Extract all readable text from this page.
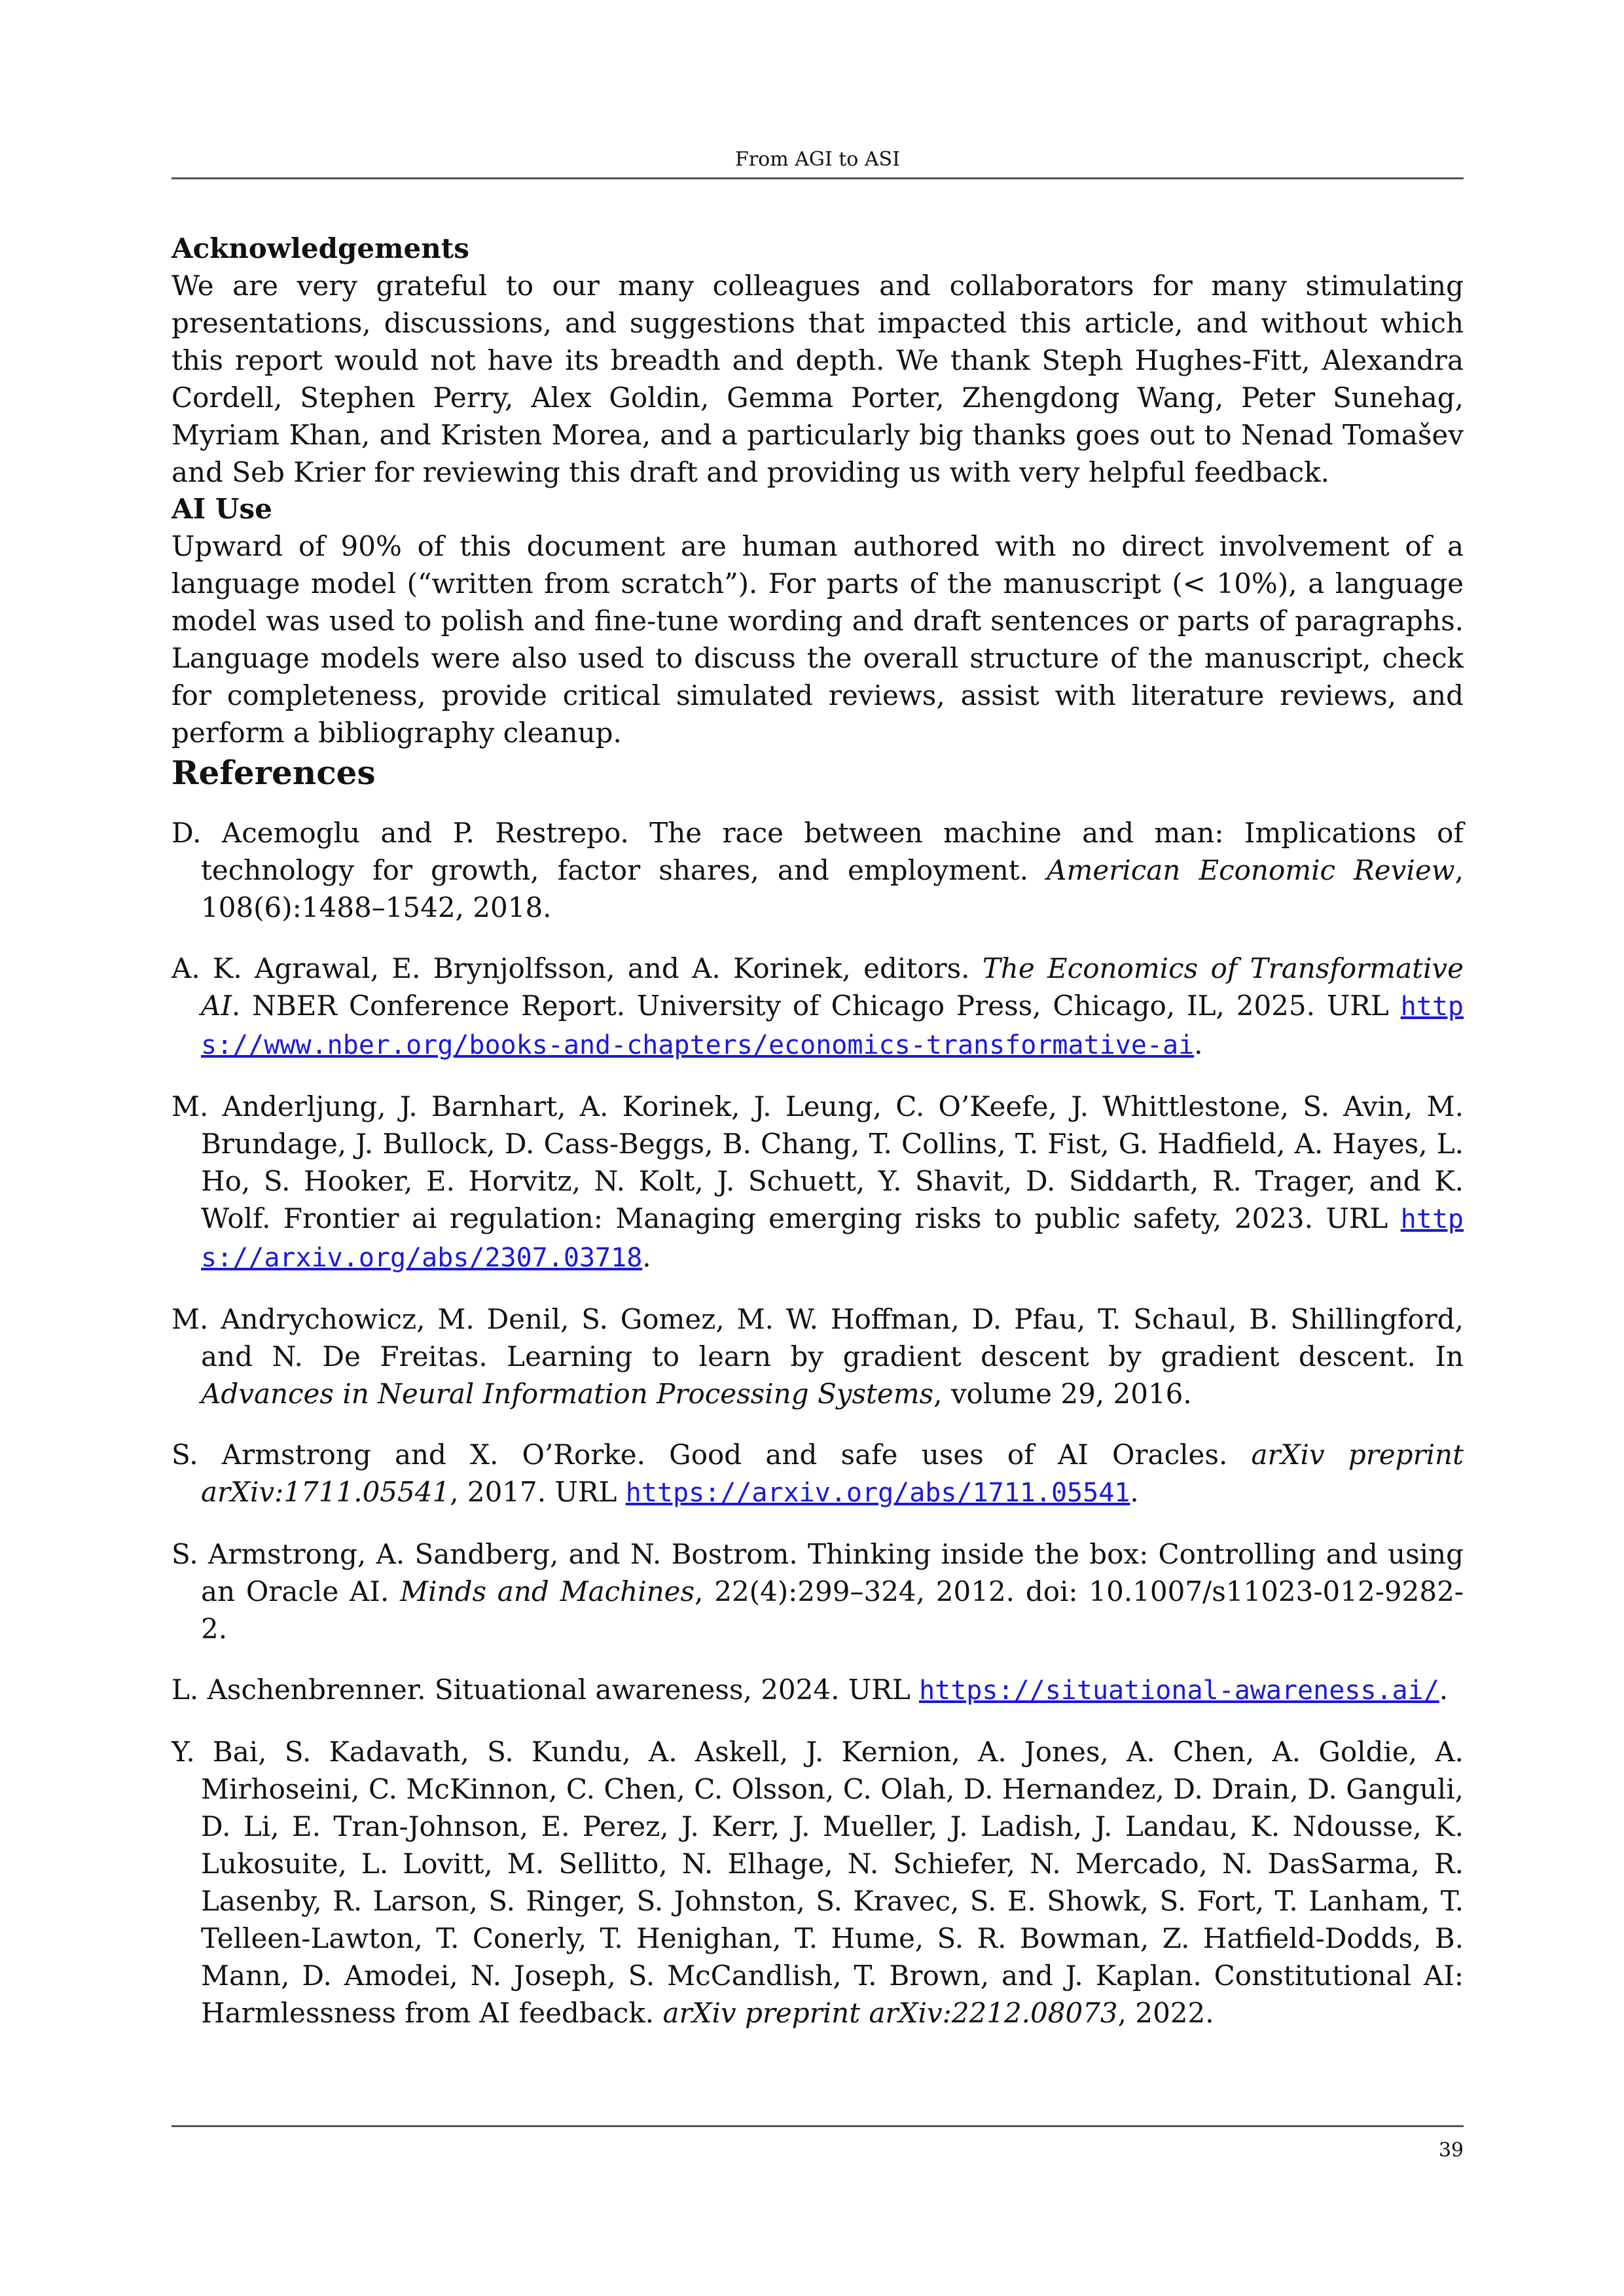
From AGI to ASI
Acknowledgements

We are very grateful to our many colleagues and collaborators for many stimulating presentations, discussions, and suggestions that impacted this article, and without which this report would not have its breadth and depth. We thank Steph Hughes-Fitt, Alexandra Cordell, Stephen Perry, Alex Goldin, Gemma Porter, Zhengdong Wang, Peter Sunehag, Myriam Khan, and Kristen Morea, and a particularly big thanks goes out to Nenad Tomašev and Seb Krier for reviewing this draft and providing us with very helpful feedback.

AI Use

Upward of 90% of this document are human authored with no direct involvement of a language model (“written from scratch”). For parts of the manuscript (< 10%), a language model was used to polish and fine-tune wording and draft sentences or parts of paragraphs. Language models were also used to discuss the overall structure of the manuscript, check for completeness, provide critical simulated reviews, assist with literature reviews, and perform a bibliography cleanup.

References

D. Acemoglu and P. Restrepo. The race between machine and man: Implications of technology for growth, factor shares, and employment. American Economic Review, 108(6):1488–1542, 2018.

A. K. Agrawal, E. Brynjolfsson, and A. Korinek, editors. The Economics of Transformative AI. NBER Conference Report. University of Chicago Press, Chicago, IL, 2025. URL https://www.nber.org/books-and-chapters/economics-transformative-ai.

M. Anderljung, J. Barnhart, A. Korinek, J. Leung, C. O’Keefe, J. Whittlestone, S. Avin, M. Brundage, J. Bullock, D. Cass-Beggs, B. Chang, T. Collins, T. Fist, G. Hadfield, A. Hayes, L. Ho, S. Hooker, E. Horvitz, N. Kolt, J. Schuett, Y. Shavit, D. Siddarth, R. Trager, and K. Wolf. Frontier ai regulation: Managing emerging risks to public safety, 2023. URL https://arxiv.org/abs/2307.03718.

M. Andrychowicz, M. Denil, S. Gomez, M. W. Hoffman, D. Pfau, T. Schaul, B. Shillingford, and N. De Freitas. Learning to learn by gradient descent by gradient descent. In Advances in Neural Information Processing Systems, volume 29, 2016.

S. Armstrong and X. O’Rorke. Good and safe uses of AI Oracles. arXiv preprint arXiv:1711.05541, 2017. URL https://arxiv.org/abs/1711.05541.

S. Armstrong, A. Sandberg, and N. Bostrom. Thinking inside the box: Controlling and using an Oracle AI. Minds and Machines, 22(4):299–324, 2012. doi: 10.1007/s11023-012-9282-2.

L. Aschenbrenner. Situational awareness, 2024. URL https://situational-awareness.ai/.

Y. Bai, S. Kadavath, S. Kundu, A. Askell, J. Kernion, A. Jones, A. Chen, A. Goldie, A. Mirhoseini, C. McKinnon, C. Chen, C. Olsson, C. Olah, D. Hernandez, D. Drain, D. Ganguli, D. Li, E. Tran-Johnson, E. Perez, J. Kerr, J. Mueller, J. Ladish, J. Landau, K. Ndousse, K. Lukosuite, L. Lovitt, M. Sellitto, N. Elhage, N. Schiefer, N. Mercado, N. DasSarma, R. Lasenby, R. Larson, S. Ringer, S. Johnston, S. Kravec, S. E. Showk, S. Fort, T. Lanham, T. Telleen-Lawton, T. Conerly, T. Henighan, T. Hume, S. R. Bowman, Z. Hatfield-Dodds, B. Mann, D. Amodei, N. Joseph, S. McCandlish, T. Brown, and J. Kaplan. Constitutional AI: Harmlessness from AI feedback. arXiv preprint arXiv:2212.08073, 2022.

39
